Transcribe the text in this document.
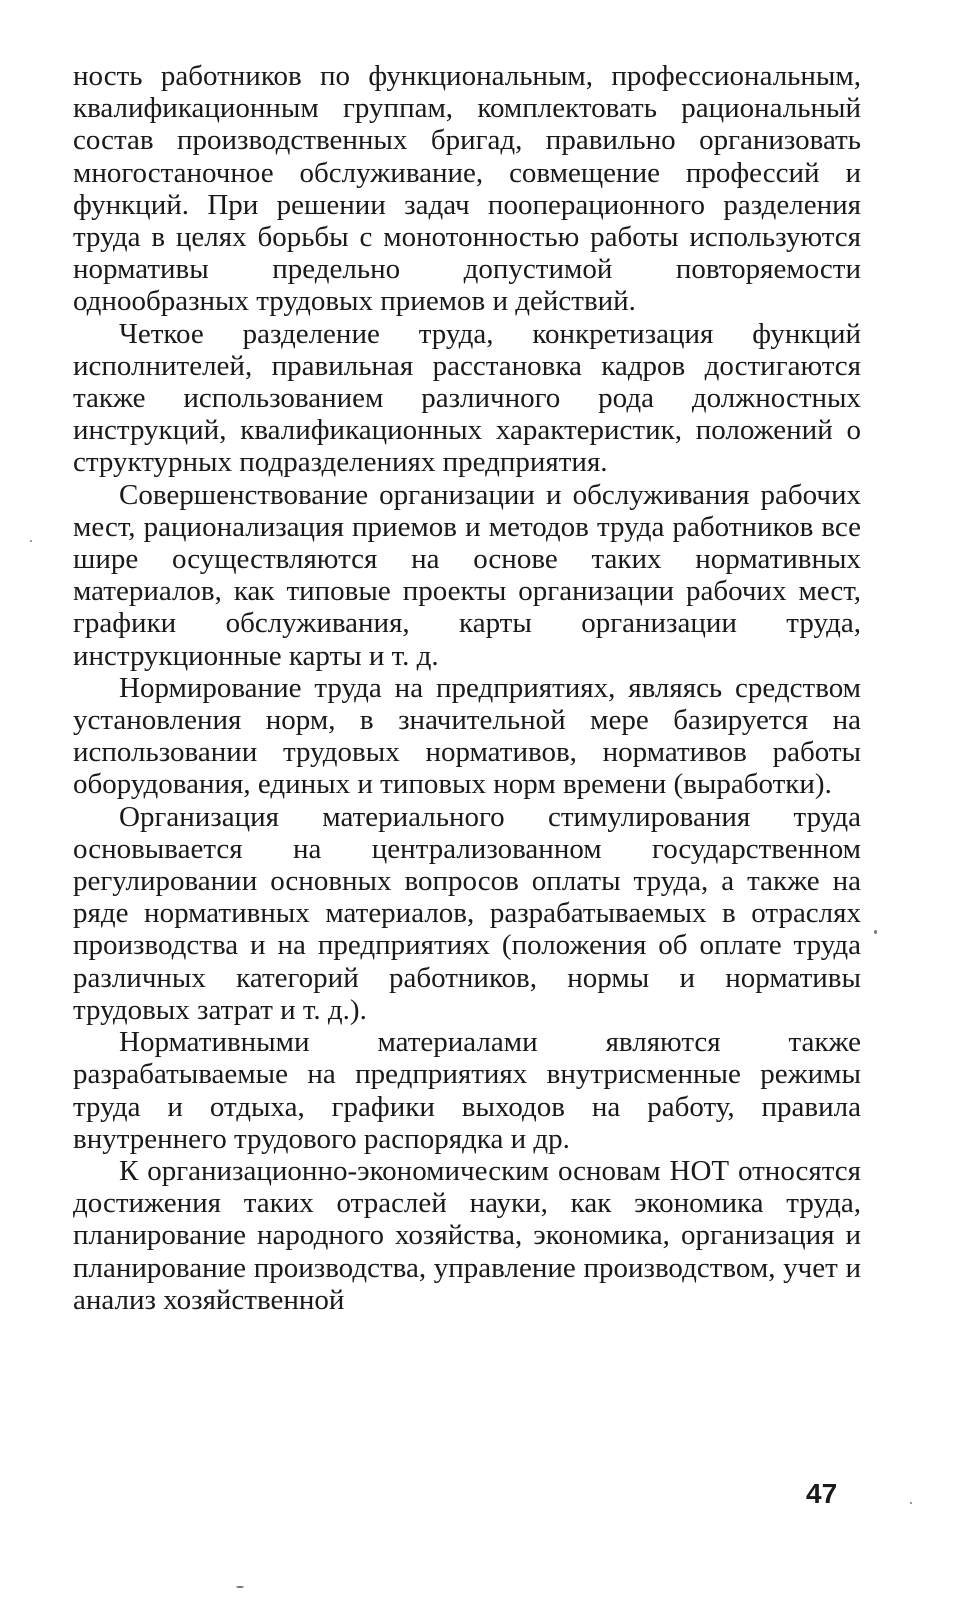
ность работников по функциональным, профессиональным, квалификационным группам, комплектовать рациональный состав производственных бригад, правильно организовать многостаночное обслуживание, совмещение профессий и функций. При решении задач пооперационного разделения труда в целях борьбы с монотонностью работы используются нормативы предельно допустимой повторяемости однообразных трудовых приемов и действий.

Четкое разделение труда, конкретизация функций исполнителей, правильная расстановка кадров достигаются также использованием различного рода должностных инструкций, квалификационных характеристик, положений о структурных подразделениях предприятия.

Совершенствование организации и обслуживания рабочих мест, рационализация приемов и методов труда работников все шире осуществляются на основе таких нормативных материалов, как типовые проекты организации рабочих мест, графики обслуживания, карты организации труда, инструкционные карты и т. д.

Нормирование труда на предприятиях, являясь средством установления норм, в значительной мере базируется на использовании трудовых нормативов, нормативов работы оборудования, единых и типовых норм времени (выработки).

Организация материального стимулирования труда основывается на централизованном государственном регулировании основных вопросов оплаты труда, а также на ряде нормативных материалов, разрабатываемых в отраслях производства и на предприятиях (положения об оплате труда различных категорий работников, нормы и нормативы трудовых затрат и т. д.).

Нормативными материалами являются также разрабатываемые на предприятиях внутрисменные режимы труда и отдыха, графики выходов на работу, правила внутреннего трудового распорядка и др.

К организационно-экономическим основам НОТ относятся достижения таких отраслей науки, как экономика труда, планирование народного хозяйства, экономика, организация и планирование производства, управление производством, учет и анализ хозяйственной

47
